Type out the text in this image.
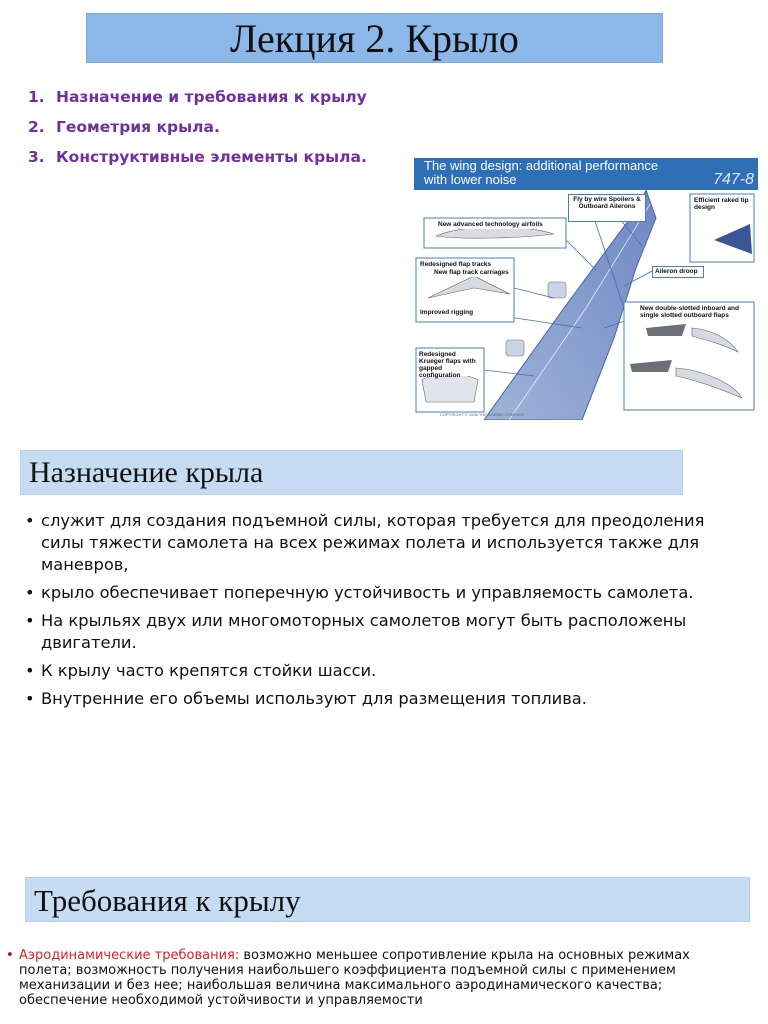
Лекция 2. Крыло
1. Назначение и требования к крылу
2. Геометрия крыла.
3. Конструктивные элементы крыла.	The wing design: additional performance with lower noise	747-8
Fly by wire Spoilers & Outboard Ailerons
Efficient raked tip design
New advanced technology airfoils
Redesigned flap tracks
New flap track carriages
Improved rigging
Aileron droop
New double-slotted inboard and single slotted outboard flaps
Redesigned Krueger flaps with gapped configuration
COPYRIGHT © 2006 THE BOEING COMPANY
Назначение крыла
• служит для создания подъемной силы, которая требуется для преодоления силы тяжести самолета на всех режимах полета и используется также для маневров,
• крыло обеспечивает поперечную устойчивость и управляемость самолета.
• На крыльях двух или многомоторных самолетов могут быть расположены двигатели.
• К крылу часто крепятся стойки шасси.
• Внутренние его объемы используют для размещения топлива.
Требования к крылу
• Аэродинамические требования: возможно меньшее сопротивление крыла на основных режимах полета; возможность получения наибольшего коэффициента подъемной силы с применением механизации и без нее; наибольшая величина максимального аэродинамического качества; обеспечение необходимой устойчивости и управляемости
